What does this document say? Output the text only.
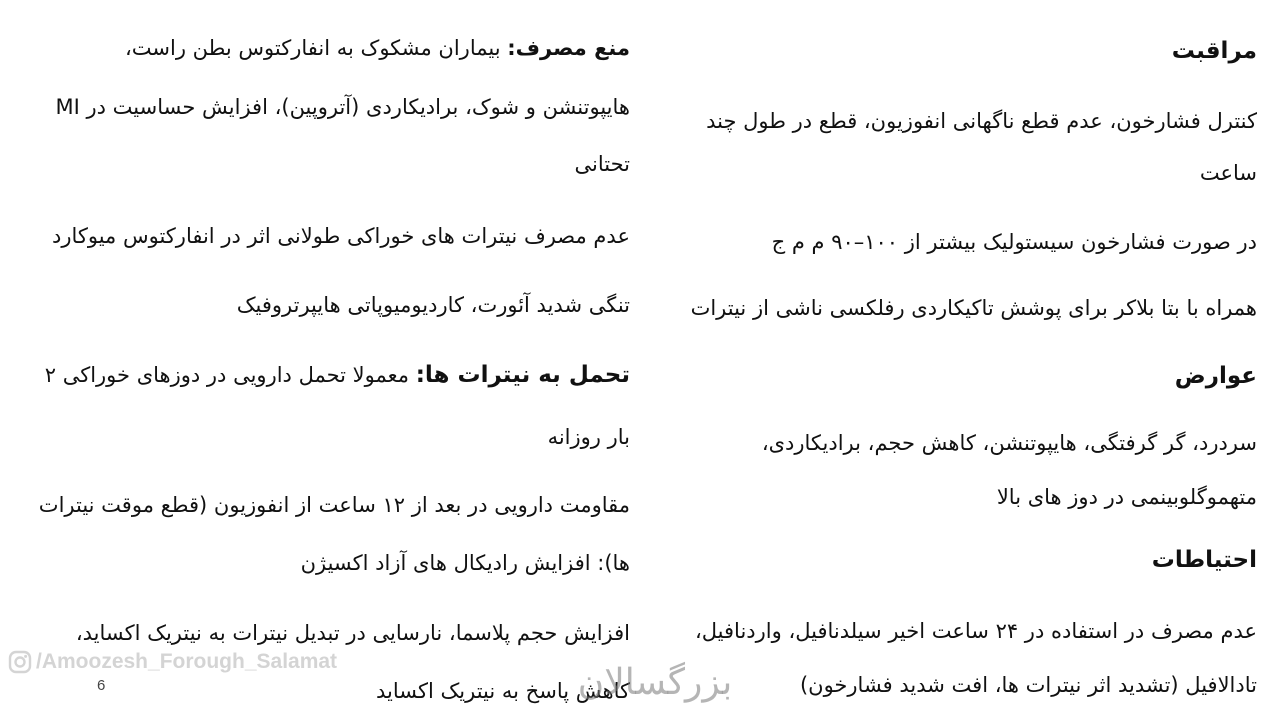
مراقبت
کنترل فشارخون، عدم قطع ناگهانی انفوزیون، قطع در طول چند
ساعت
در صورت فشارخون سیستولیک بیشتر از ۱۰۰–۹۰ م م ج
همراه با بتا بلاکر برای پوشش تاکیکاردی رفلکسی ناشی از نیترات
عوارض
سردرد، گر گرفتگی، هایپوتنشن، کاهش حجم، برادیکاردی،
متهموگلوبینمی در دوز های بالا
احتیاطات
عدم مصرف در استفاده در ۲۴ ساعت اخیر سیلدنافیل، واردنافیل،
تادالافیل (تشدید اثر نیترات ها، افت شدید فشارخون)
منع مصرف: بیماران مشکوک به انفارکتوس بطن راست،
هایپوتنشن و شوک، برادیکاردی (آتروپین)، افزایش حساسیت در MI
تحتانی
عدم مصرف نیترات های خوراکی طولانی اثر در انفارکتوس میوکارد
تنگی شدید آئورت، کاردیومیوپاتی هایپرتروفیک
تحمل به نیترات ها: معمولا تحمل دارویی در دوزهای خوراکی ۲
بار روزانه
مقاومت دارویی در بعد از ۱۲ ساعت از انفوزیون (قطع موقت نیترات
ها): افزایش رادیکال های آزاد اکسیژن
افزایش حجم پلاسما، نارسایی در تبدیل نیترات به نیتریک اکساید،
کاهش پاسخ به نیتریک اکساید
/Amoozesh_Forough_Salamat
6	بزرگسالان
